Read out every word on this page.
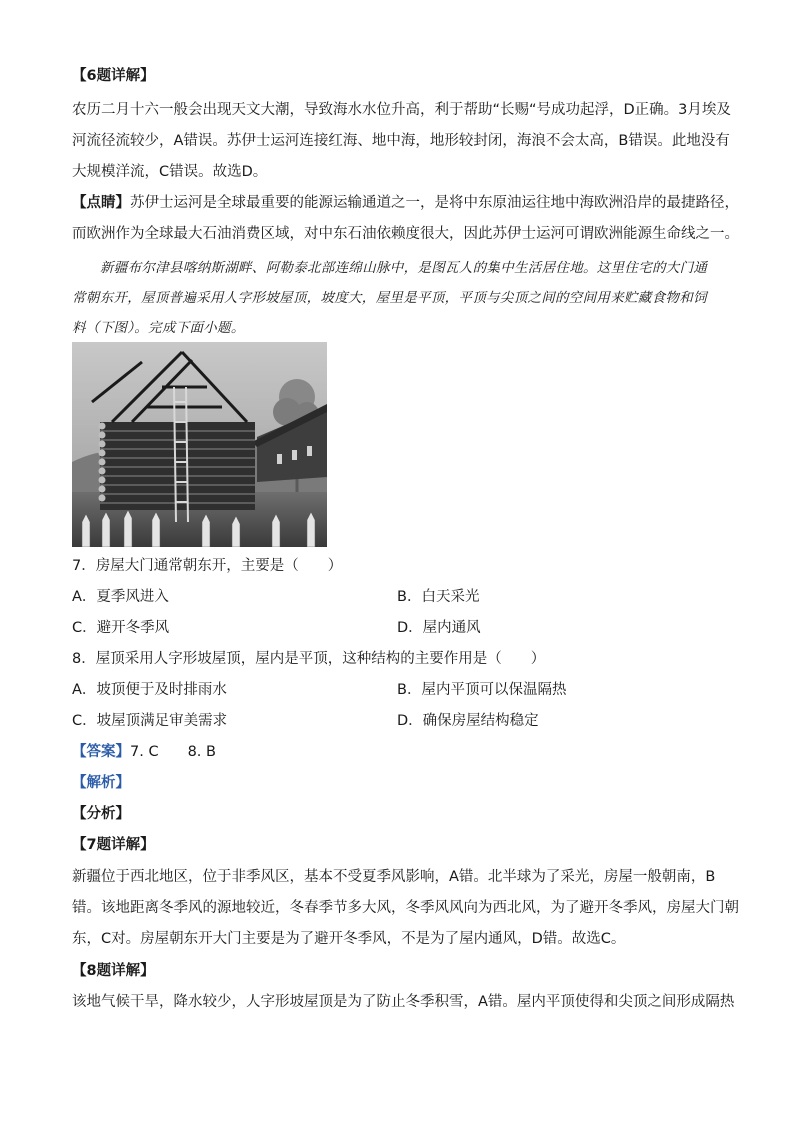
【6题详解】
农历二月十六一般会出现天文大潮，导致海水水位升高，利于帮助“长赐“号成功起浮，D正确。3月埃及
河流径流较少，A错误。苏伊士运河连接红海、地中海，地形较封闭，海浪不会太高，B错误。此地没有
大规模洋流，C错误。故选D。
【点睛】苏伊士运河是全球最重要的能源运输通道之一，是将中东原油运往地中海欧洲沿岸的最捷路径，
而欧洲作为全球最大石油消费区域，对中东石油依赖度很大，因此苏伊士运河可谓欧洲能源生命线之一。
新疆布尔津县喀纳斯湖畔、阿勒泰北部连绵山脉中，是图瓦人的集中生活居住地。这里住宅的大门通
常朝东开，屋顶普遍采用人字形坡屋顶，坡度大，屋里是平顶，平顶与尖顶之间的空间用来贮藏食物和饲
料（下图）。完成下面小题。
7．房屋大门通常朝东开，主要是（　　）
A．夏季风进入	B．白天采光
C．避开冬季风	D．屋内通风
8．屋顶采用人字形坡屋顶，屋内是平顶，这种结构的主要作用是（　　）
A．坡顶便于及时排雨水	B．屋内平顶可以保温隔热
C．坡屋顶满足审美需求	D．确保房屋结构稳定
【答案】7. C　　8. B
【解析】
【分析】
【7题详解】
新疆位于西北地区，位于非季风区，基本不受夏季风影响，A错。北半球为了采光，房屋一般朝南，B
错。该地距离冬季风的源地较近，冬春季节多大风，冬季风风向为西北风，为了避开冬季风，房屋大门朝
东，C对。房屋朝东开大门主要是为了避开冬季风，不是为了屋内通风，D错。故选C。
【8题详解】
该地气候干旱，降水较少，人字形坡屋顶是为了防止冬季积雪，A错。屋内平顶使得和尖顶之间形成隔热
